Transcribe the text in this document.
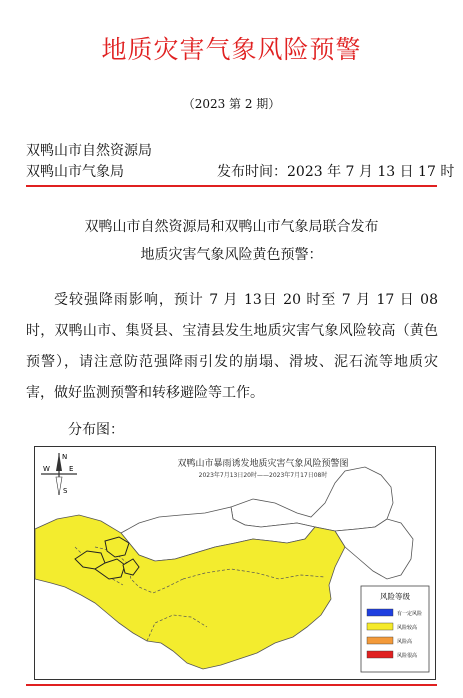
地质灾害气象风险预警
（2023 第 2 期）
双鸭山市自然资源局
双鸭山市气象局	发布时间：2023 年 7 月 13 日 17 时
双鸭山市自然资源局和双鸭山市气象局联合发布
地质灾害气象风险黄色预警：
受较强降雨影响，预计 7 月 13日 20 时至 7 月 17 日 08 时，双鸭山市、集贤县、宝清县发生地质灾害气象风险较高（黄色预警），请注意防范强降雨引发的崩塌、滑坡、泥石流等地质灾害，做好监测预警和转移避险等工作。
分布图：
双鸭山市暴雨诱发地质灾害气象风险预警图
2023年7月13日20时——2023年7月17日08时
N
W	E
S
风险等级
有一定风险
风险较高
风险高
风险很高
